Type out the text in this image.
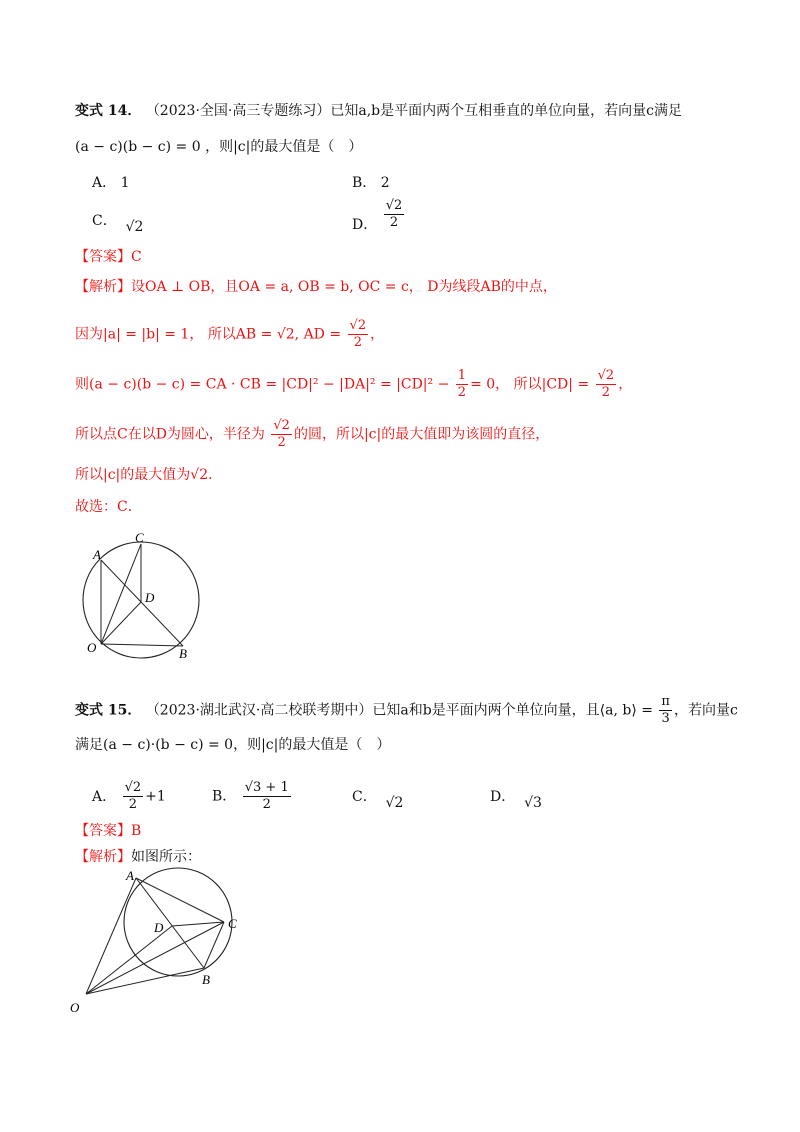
变式 14． （2023·全国·高三专题练习）已知a,b是平面内两个互相垂直的单位向量，若向量c满足
(a − c)(b − c) = 0 ，则|c|的最大值是（　）
A． 1	B． 2
C． √2	D． $\frac{√2}{2}$
【答案】C
【解析】设OA ⊥ OB，且OA = a, OB = b, OC = c， D为线段AB的中点，
因为|a| = |b| = 1， 所以AB = √2, AD = $\frac{√2}{2}$ ，
则(a − c)(b − c) = CA · CB = $|CD|^2 - |DA|^2 = |CD|^2 - \frac{1}{2} = 0$， 所以$|CD| = \frac{√2}{2}$ ，
所以点C在以D为圆心，半径为 $\frac{√2}{2}$ 的圆，所以|c|的最大值即为该圆的直径，
所以|c|的最大值为√2．
故选：C．
A
C
D
O	B
变式 15． （2023·湖北武汉·高二校联考期中）已知a和b是平面内两个单位向量，且⟨a, b⟩ = $\frac{\pi}{3}$ ，若向量c
满足(a − c)·(b − c) = 0，则|c|的最大值是（　）
A． $\frac{√2}{2} +1$	B． $\frac{√3 + 1}{2}$	C． √2	D． √3
【答案】B
【解析】如图所示：
A
C
D
B
O
